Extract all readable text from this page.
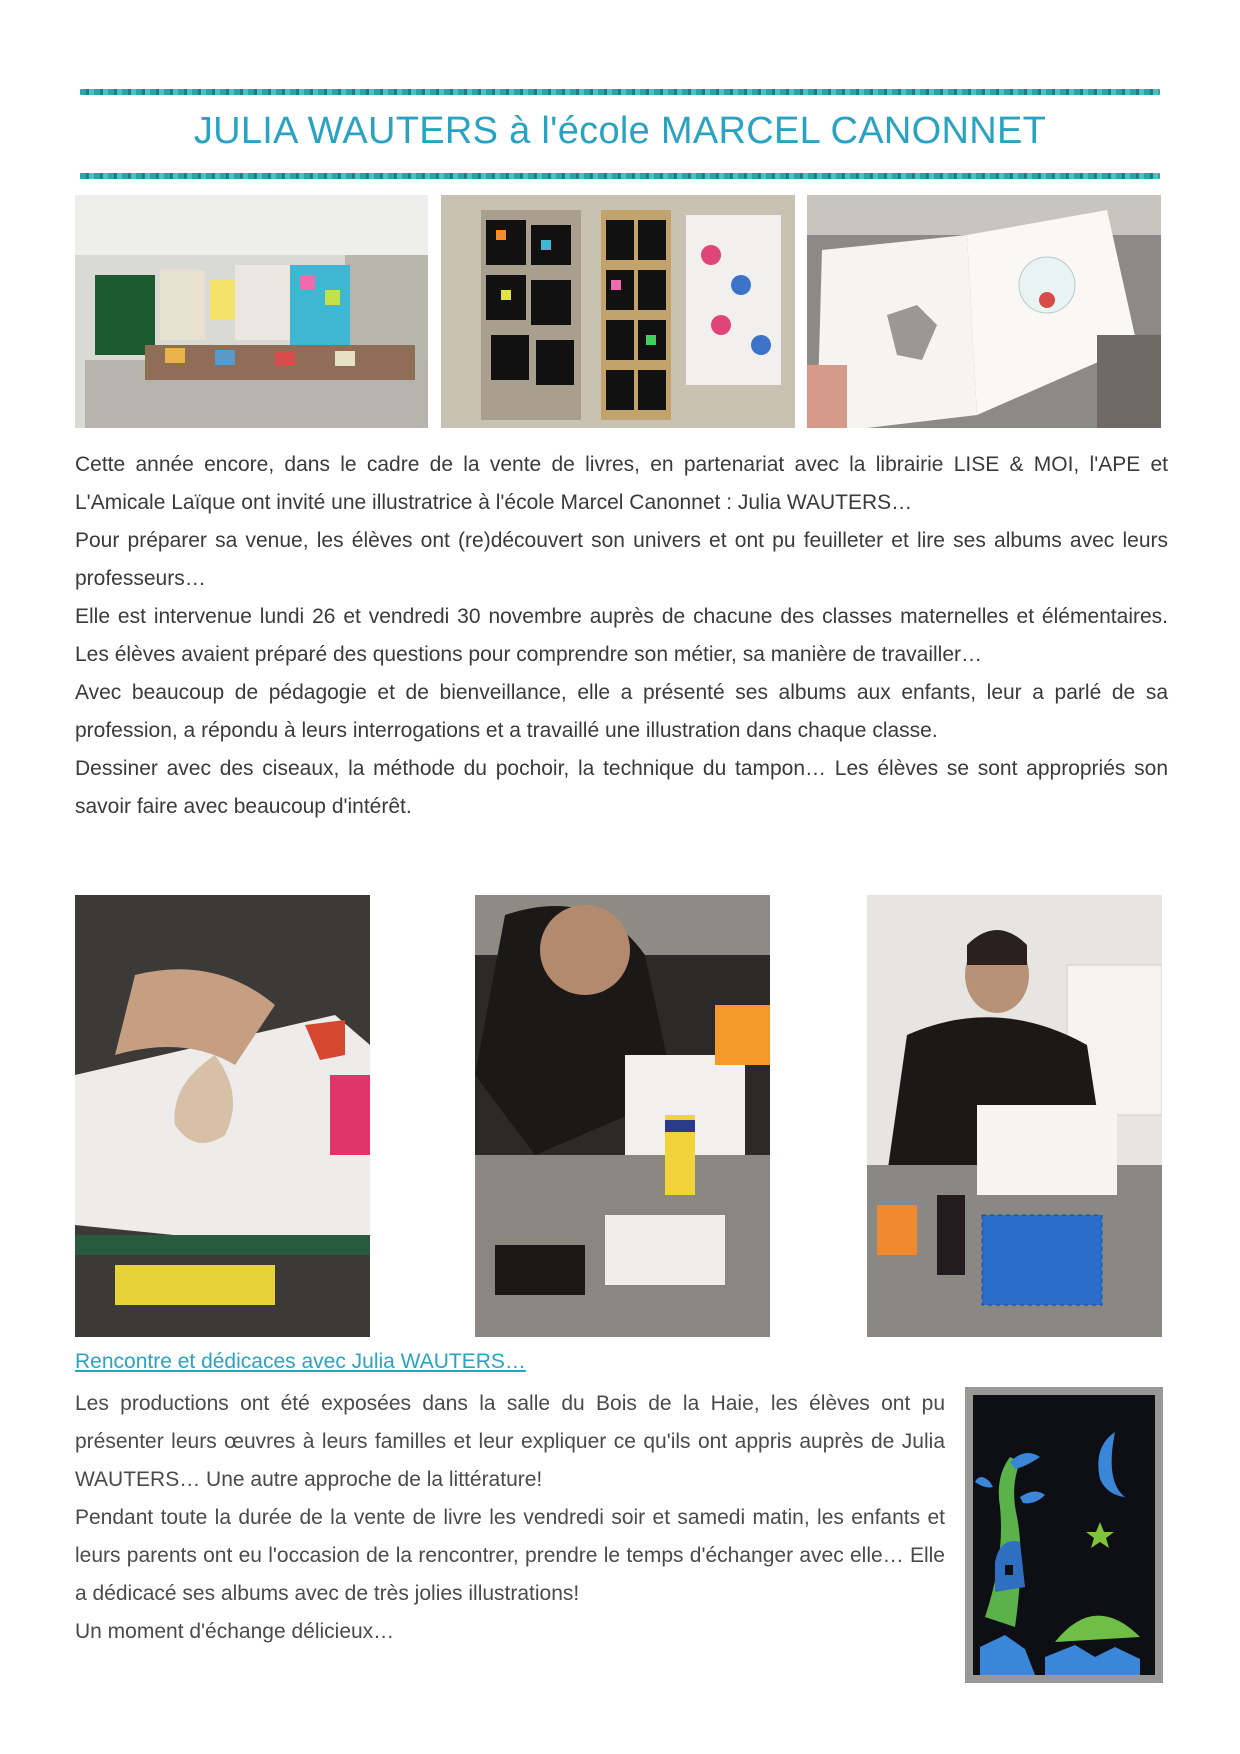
JULIA WAUTERS à l'école MARCEL CANONNET

Cette année encore, dans le cadre de la vente de livres, en partenariat avec la librairie LISE & MOI, l'APE et L'Amicale Laïque ont invité une illustratrice à l'école Marcel Canonnet : Julia WAUTERS…

Pour préparer sa venue, les élèves ont (re)découvert son univers et ont pu feuilleter et lire ses albums avec leurs professeurs…

Elle est intervenue lundi 26 et vendredi 30 novembre auprès de chacune des classes maternelles et élémentaires. Les élèves avaient préparé des questions pour comprendre son métier, sa manière de travailler…

Avec beaucoup de pédagogie et de bienveillance, elle a présenté ses albums aux enfants, leur a parlé de sa profession, a répondu à leurs interrogations et a travaillé une illustration dans chaque classe.

Dessiner avec des ciseaux, la méthode du pochoir, la technique du tampon… Les élèves se sont appropriés son savoir faire avec beaucoup d'intérêt.

Rencontre et dédicaces avec Julia WAUTERS…

Les productions ont été exposées dans la salle du Bois de la Haie, les élèves ont pu présenter leurs œuvres à leurs familles et leur expliquer ce qu'ils ont appris auprès de Julia WAUTERS… Une autre approche de la littérature!

Pendant toute la durée de la vente de livre les vendredi soir et samedi matin, les enfants et leurs parents ont eu l'occasion de la rencontrer, prendre le temps d'échanger avec elle… Elle a dédicacé ses albums avec de très jolies illustrations!

Un moment d'échange délicieux…
